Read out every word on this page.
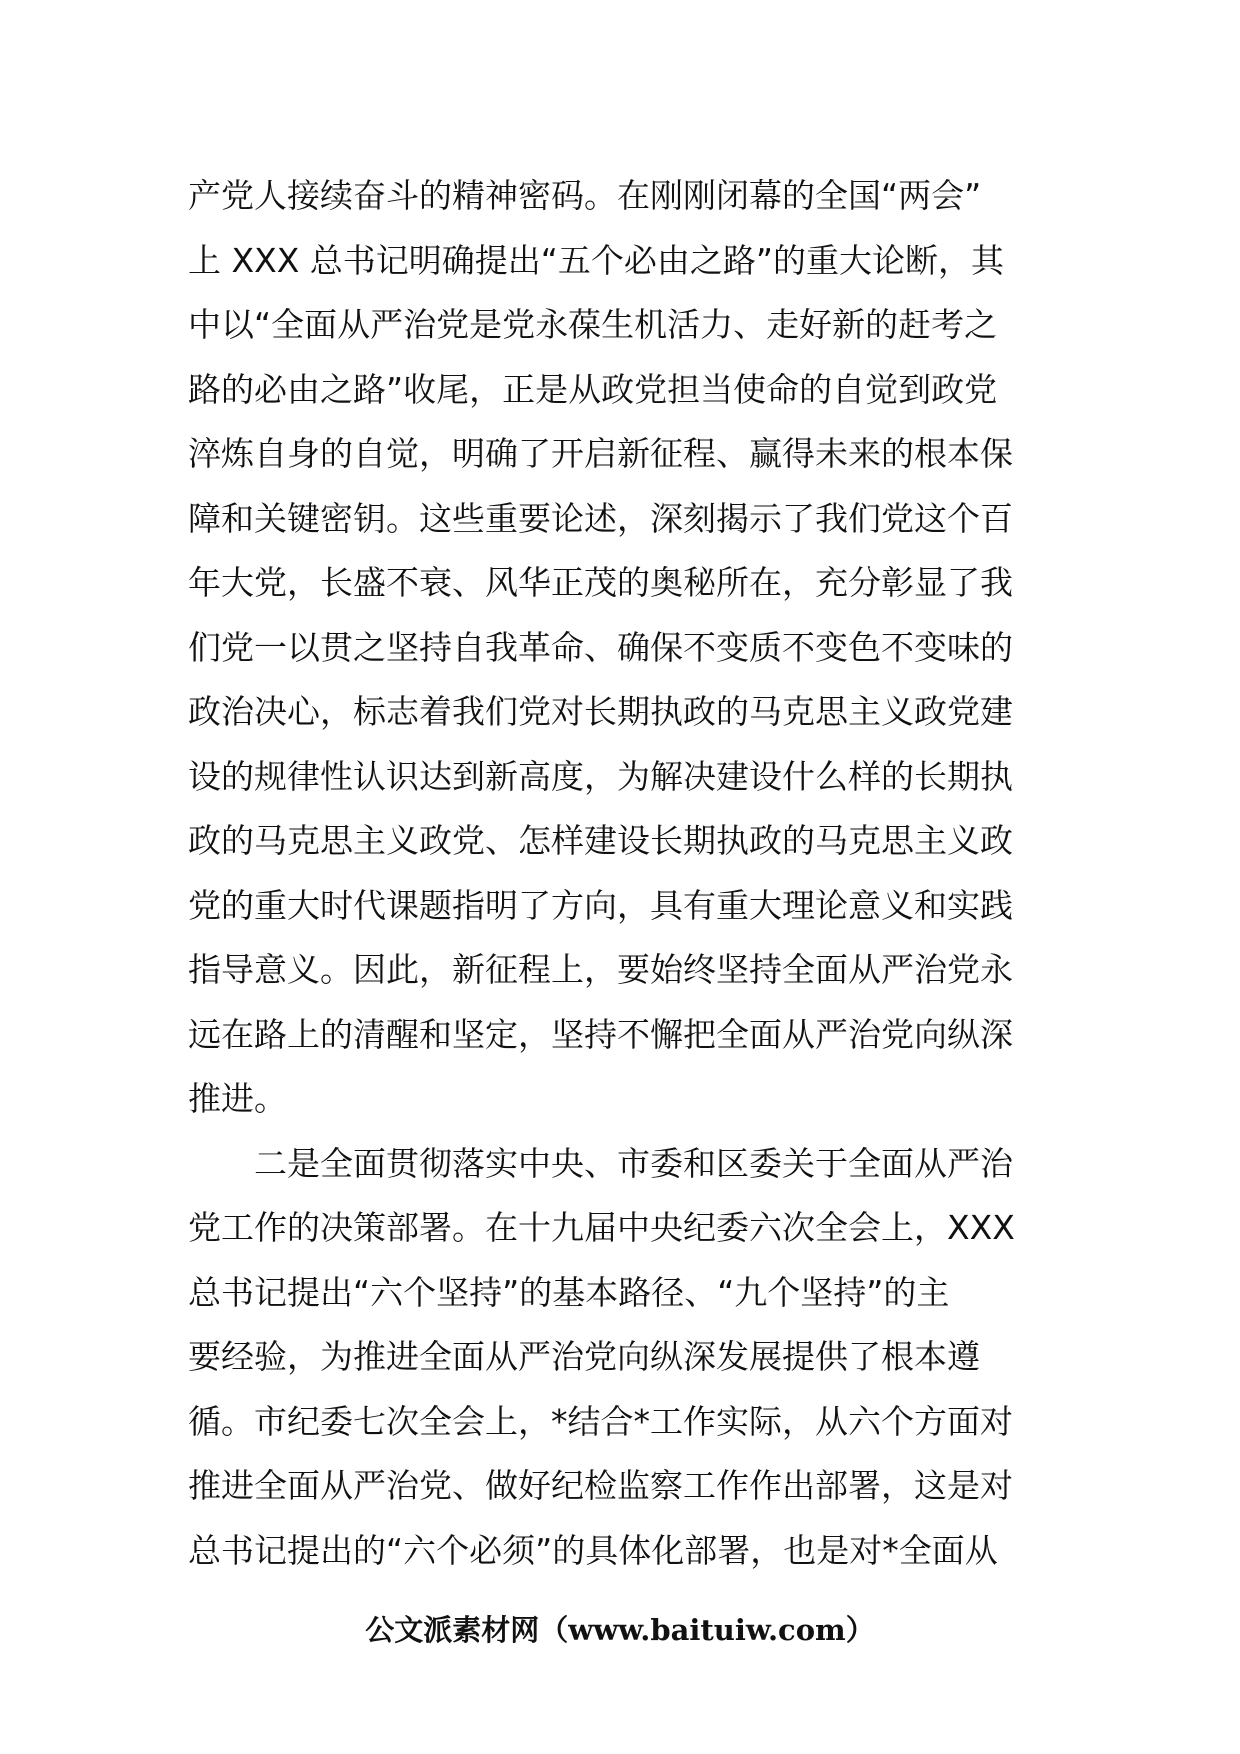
产党人接续奋斗的精神密码。在刚刚闭幕的全国“两会”
上 XXX 总书记明确提出“五个必由之路”的重大论断，其
中以“全面从严治党是党永葆生机活力、走好新的赶考之
路的必由之路”收尾，正是从政党担当使命的自觉到政党
淬炼自身的自觉，明确了开启新征程、赢得未来的根本保
障和关键密钥。这些重要论述，深刻揭示了我们党这个百
年大党，长盛不衰、风华正茂的奥秘所在，充分彰显了我
们党一以贯之坚持自我革命、确保不变质不变色不变味的
政治决心，标志着我们党对长期执政的马克思主义政党建
设的规律性认识达到新高度，为解决建设什么样的长期执
政的马克思主义政党、怎样建设长期执政的马克思主义政
党的重大时代课题指明了方向，具有重大理论意义和实践
指导意义。因此，新征程上，要始终坚持全面从严治党永
远在路上的清醒和坚定，坚持不懈把全面从严治党向纵深
推进。
　　二是全面贯彻落实中央、市委和区委关于全面从严治
党工作的决策部署。在十九届中央纪委六次全会上，XXX
总书记提出“六个坚持”的基本路径、“九个坚持”的主
要经验，为推进全面从严治党向纵深发展提供了根本遵
循。市纪委七次全会上，*结合*工作实际，从六个方面对
推进全面从严治党、做好纪检监察工作作出部署，这是对
总书记提出的“六个必须”的具体化部署，也是对*全面从
公文派素材网（www.baituiw.com）
